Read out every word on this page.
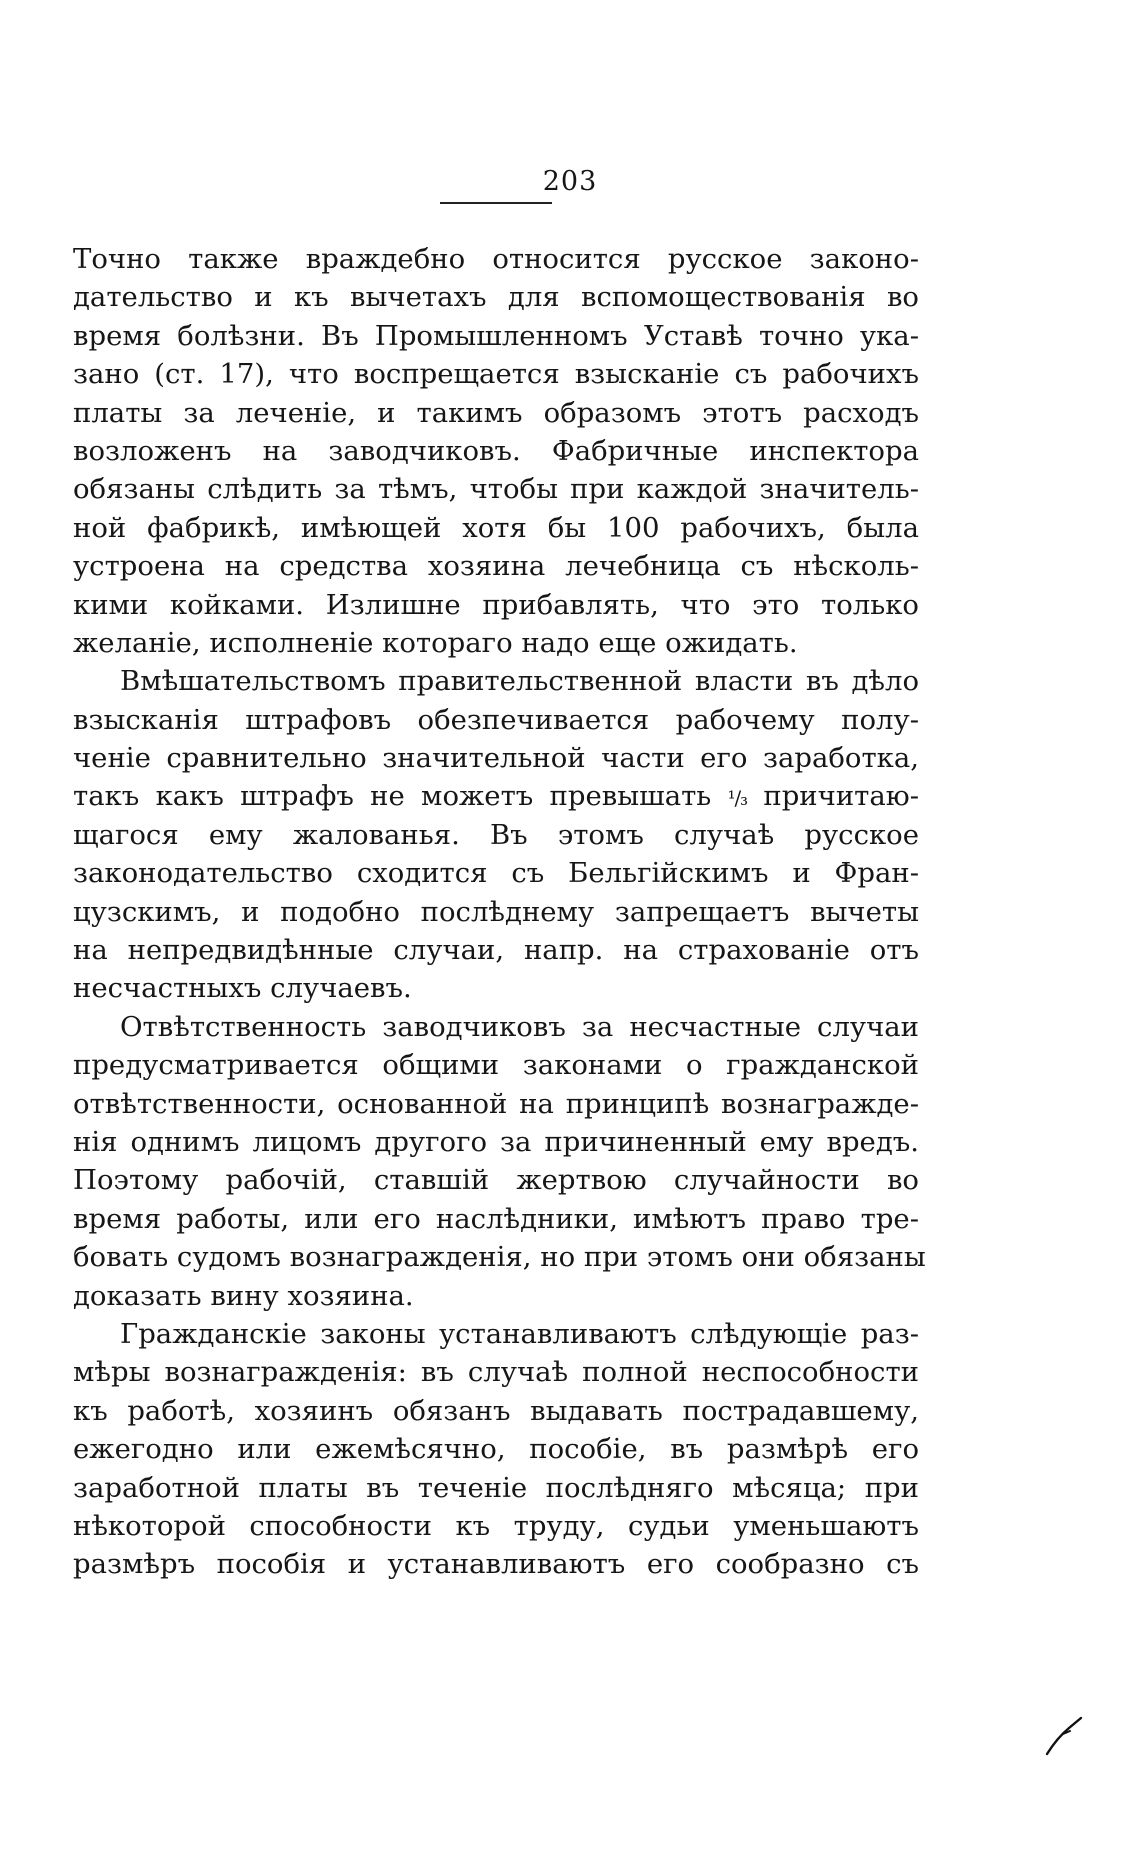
203
Точно также враждебно относится русское законо-
дательство и къ вычетахъ для вспомоществованія во
время болѣзни. Въ Промышленномъ Уставѣ точно ука-
зано (ст. 17), что воспрещается взысканіе съ рабочихъ
платы за леченіе, и такимъ образомъ этотъ расходъ
возложенъ на заводчиковъ. Фабричные инспектора
обязаны слѣдить за тѣмъ, чтобы при каждой значитель-
ной фабрикѣ, имѣющей хотя бы 100 рабочихъ, была
устроена на средства хозяина лечебница съ нѣсколь-
кими койками. Излишне прибавлять, что это только
желаніе, исполненіе котораго надо еще ожидать.
Вмѣшательствомъ правительственной власти въ дѣло
взысканія штрафовъ обезпечивается рабочему полу-
ченіе сравнительно значительной части его заработка,
такъ какъ штрафъ не можетъ превышать ¹/₃ причитаю-
щагося ему жалованья. Въ этомъ случаѣ русское
законодательство сходится съ Бельгійскимъ и Фран-
цузскимъ, и подобно послѣднему запрещаетъ вычеты
на непредвидѣнные случаи, напр. на страхованіе отъ
несчастныхъ случаевъ.
Отвѣтственность заводчиковъ за несчастные случаи
предусматривается общими законами о гражданской
отвѣтственности, основанной на принципѣ вознагражде-
нія однимъ лицомъ другого за причиненный ему вредъ.
Поэтому рабочій, ставшій жертвою случайности во
время работы, или его наслѣдники, имѣютъ право тре-
бовать судомъ вознагражденія, но при этомъ они обязаны
доказать вину хозяина.
Гражданскіе законы устанавливаютъ слѣдующіе раз-
мѣры вознагражденія: въ случаѣ полной неспособности
къ работѣ, хозяинъ обязанъ выдавать пострадавшему,
ежегодно или ежемѣсячно, пособіе, въ размѣрѣ его
заработной платы въ теченіе послѣдняго мѣсяца; при
нѣкоторой способности къ труду, судьи уменьшаютъ
размѣръ пособія и устанавливаютъ его сообразно съ
